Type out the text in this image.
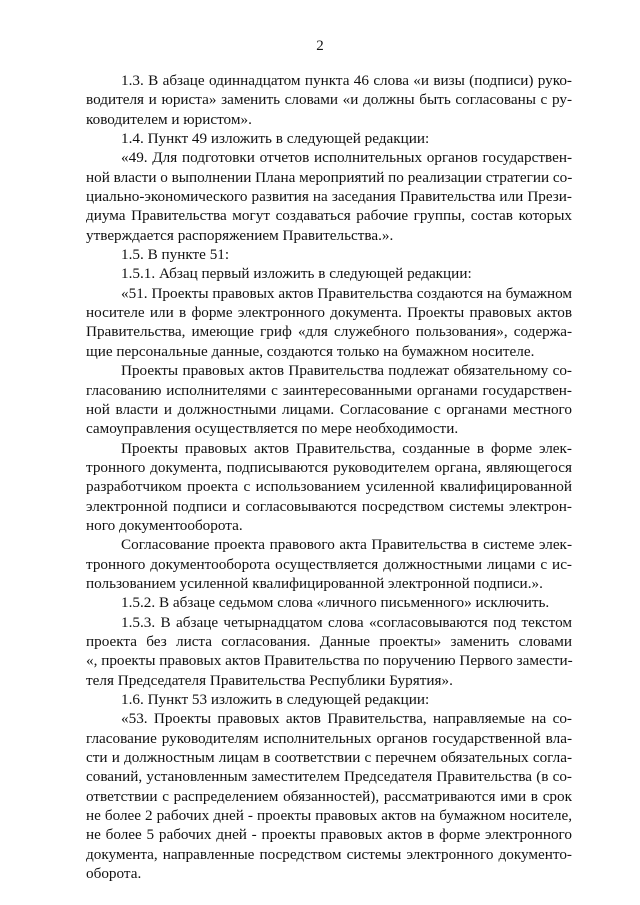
2
1.3. В абзаце одиннадцатом пункта 46 слова «и визы (подписи) руко-
водителя и юриста» заменить словами «и должны быть согласованы с ру-
ководителем и юристом».
1.4. Пункт 49 изложить в следующей редакции:
«49. Для подготовки отчетов исполнительных органов государствен-
ной власти о выполнении Плана мероприятий по реализации стратегии со-
циально-экономического развития на заседания Правительства или Прези-
диума Правительства могут создаваться рабочие группы, состав которых
утверждается распоряжением Правительства.».
1.5. В пункте 51:
1.5.1. Абзац первый изложить в следующей редакции:
«51. Проекты правовых актов Правительства создаются на бумажном
носителе или в форме электронного документа. Проекты правовых актов
Правительства, имеющие гриф «для служебного пользования», содержа-
щие персональные данные, создаются только на бумажном носителе.
Проекты правовых актов Правительства подлежат обязательному со-
гласованию исполнителями с заинтересованными органами государствен-
ной власти и должностными лицами. Согласование с органами местного
самоуправления осуществляется по мере необходимости.
Проекты правовых актов Правительства, созданные в форме элек-
тронного документа, подписываются руководителем органа, являющегося
разработчиком проекта с использованием усиленной квалифицированной
электронной подписи и согласовываются посредством системы электрон-
ного документооборота.
Согласование проекта правового акта Правительства в системе элек-
тронного документооборота осуществляется должностными лицами с ис-
пользованием усиленной квалифицированной электронной подписи.».
1.5.2. В абзаце седьмом слова «личного письменного» исключить.
1.5.3. В абзаце четырнадцатом слова «согласовываются под текстом
проекта без листа согласования. Данные проекты» заменить словами
«, проекты правовых актов Правительства по поручению Первого замести-
теля Председателя Правительства Республики Бурятия».
1.6. Пункт 53 изложить в следующей редакции:
«53. Проекты правовых актов Правительства, направляемые на со-
гласование руководителям исполнительных органов государственной вла-
сти и должностным лицам в соответствии с перечнем обязательных согла-
сований, установленным заместителем Председателя Правительства (в со-
ответствии с распределением обязанностей), рассматриваются ими в срок
не более 2 рабочих дней - проекты правовых актов на бумажном носителе,
не более 5 рабочих дней - проекты правовых актов в форме электронного
документа, направленные посредством системы электронного документо-
оборота.
